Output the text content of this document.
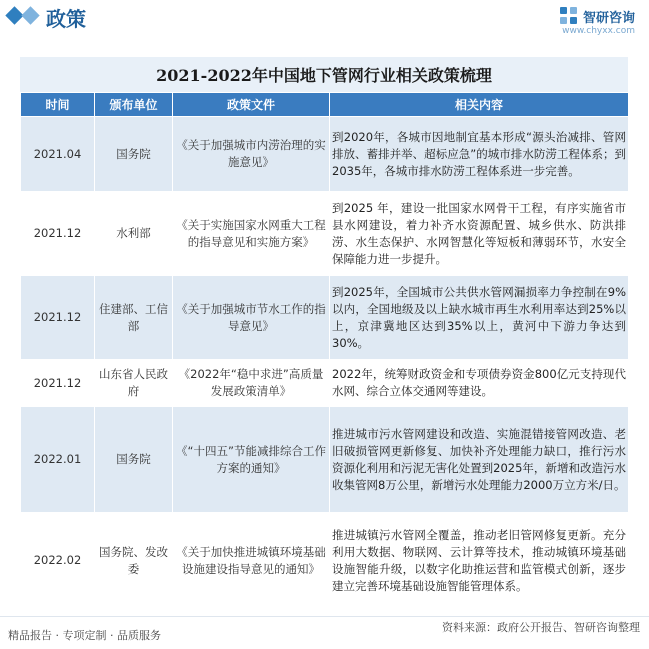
政策	智研咨询
www.chyxx.com
2021-2022年中国地下管网行业相关政策梳理
时间	颁布单位	政策文件	相关内容
2021.04	国务院	《关于加强城市内涝治理的实施意见》	到2020年，各城市因地制宜基本形成“源头治减排、管网排放、蓄排并举、超标应急”的城市排水防涝工程体系；到2035年，各城市排水防涝工程体系进一步完善。
2021.12	水利部	《关于实施国家水网重大工程的指导意见和实施方案》	到2025 年，建设一批国家水网骨干工程，有序实施省市县水网建设，着力补齐水资源配置、城乡供水、防洪排涝、水生态保护、水网智慧化等短板和薄弱环节，水安全保障能力进一步提升。
2021.12	住建部、工信部	《关于加强城市节水工作的指导意见》	到2025年，全国城市公共供水管网漏损率力争控制在9%以内，全国地级及以上缺水城市再生水利用率达到25%以上，京津冀地区达到35%以上，黄河中下游力争达到30%。
2021.12	山东省人民政府	《2022年“稳中求进”高质量发展政策清单》	2022年，统筹财政资金和专项债券资金800亿元支持现代水网、综合立体交通网等建设。
2022.01	国务院	《“十四五”节能减排综合工作方案的通知》	推进城市污水管网建设和改造、实施混错接管网改造、老旧破损管网更新修复、加快补齐处理能力缺口，推行污水资源化利用和污泥无害化处置到2025年，新增和改造污水收集管网8万公里，新增污水处理能力2000万立方米/日。
2022.02	国务院、发改委	《关于加快推进城镇环境基础设施建设指导意见的通知》	推进城镇污水管网全覆盖，推动老旧管网修复更新。充分利用大数据、物联网、云计算等技术，推动城镇环境基础设施智能升级，以数字化助推运营和监管模式创新，逐步建立完善环境基础设施智能管理体系。
精品报告 · 专项定制 · 品质服务
资料来源：政府公开报告、智研咨询整理
